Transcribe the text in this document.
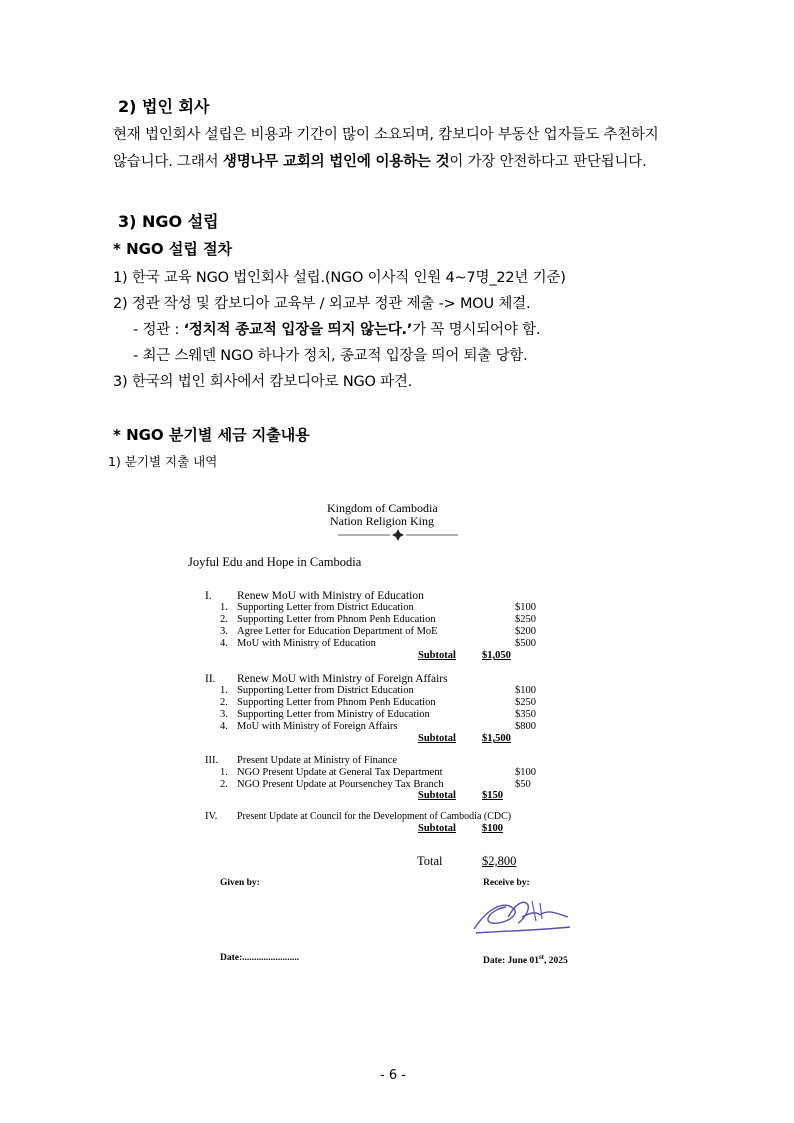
2) 법인 회사
현재 법인회사 설립은 비용과 기간이 많이 소요되며, 캄보디아 부동산 업자들도 추천하지
않습니다. 그래서 생명나무 교회의 법인에 이용하는 것이 가장 안전하다고 판단됩니다.
3) NGO 설립
* NGO 설립 절차
1) 한국 교육 NGO 법인회사 설립.(NGO 이사직 인원 4~7명_22년 기준)
2) 정관 작성 및 캄보디아 교육부 / 외교부 정관 제출 -> MOU 체결.
- 정관 : ‘정치적 종교적 입장을 띄지 않는다.’가 꼭 명시되어야 함.
- 최근 스웨덴 NGO 하나가 정치, 종교적 입장을 띄어 퇴출 당함.
3) 한국의 법인 회사에서 캄보디아로 NGO 파견.
* NGO 분기별 세금 지출내용
1) 분기별 지출 내역
Kingdom of Cambodia
Nation Religion King
Joyful Edu and Hope in Cambodia
I. Renew MoU with Ministry of Education
1. Supporting Letter from District Education	$100
2. Supporting Letter from Phnom Penh Education	$250
3. Agree Letter for Education Department of MoE	$200
4. MoU with Ministry of Education	$500
Subtotal $1,050
II. Renew MoU with Ministry of Foreign Affairs
1. Supporting Letter from District Education	$100
2. Supporting Letter from Phnom Penh Education	$250
3. Supporting Letter from Ministry of Education	$350
4. MoU with Ministry of Foreign Affairs	$800
Subtotal $1,500
III. Present Update at Ministry of Finance
1. NGO Present Update at General Tax Department	$100
2. NGO Present Update at Poursenchey Tax Branch	$50
Subtotal $150
IV. Present Update at Council for the Development of Cambodia (CDC)
Subtotal $100
Total	$2,800
Given by:	Receive by:
Date:........................	Date: June 01st, 2025
- 6 -
